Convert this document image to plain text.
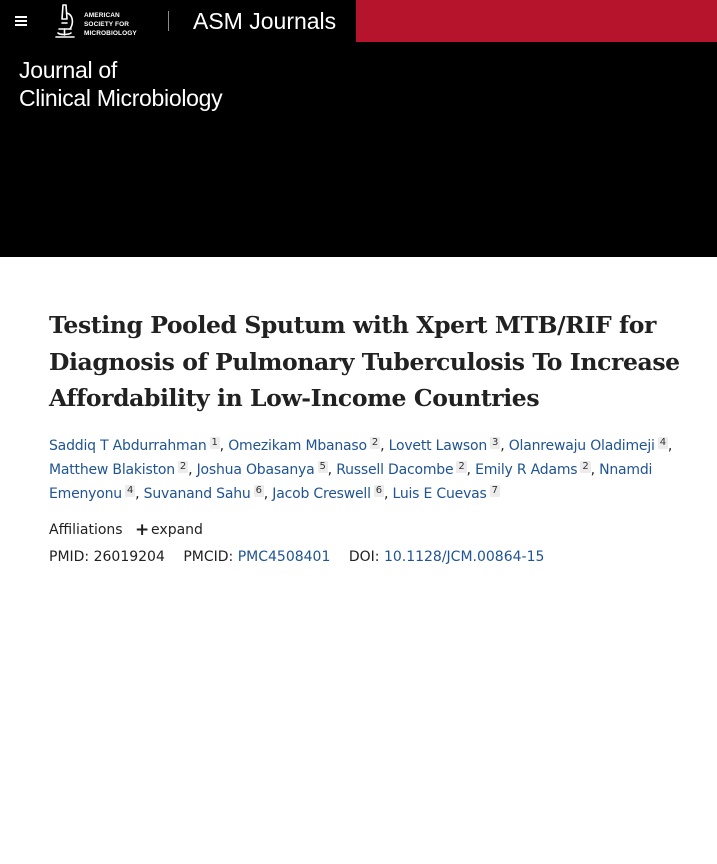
AMERICAN
SOCIETY FOR
MICROBIOLOGY	ASM Journals
Journal of
Clinical Microbiology
Testing Pooled Sputum with Xpert MTB/RIF for
Diagnosis of Pulmonary Tuberculosis To Increase
Affordability in Low-Income Countries
Saddiq T Abdurrahman 1 , Omezikam Mbanaso 2 , Lovett Lawson 3 , Olanrewaju Oladimeji 4 , Matthew Blakiston 2 , Joshua Obasanya 5 , Russell Dacombe 2 , Emily R Adams 2 , Nnamdi Emenyonu 4 , Suvanand Sahu 6 , Jacob Creswell 6 , Luis E Cuevas 7
Affiliations + expand
PMID: 26019204 PMCID: PMC4508401 DOI: 10.1128/JCM.00864-15
